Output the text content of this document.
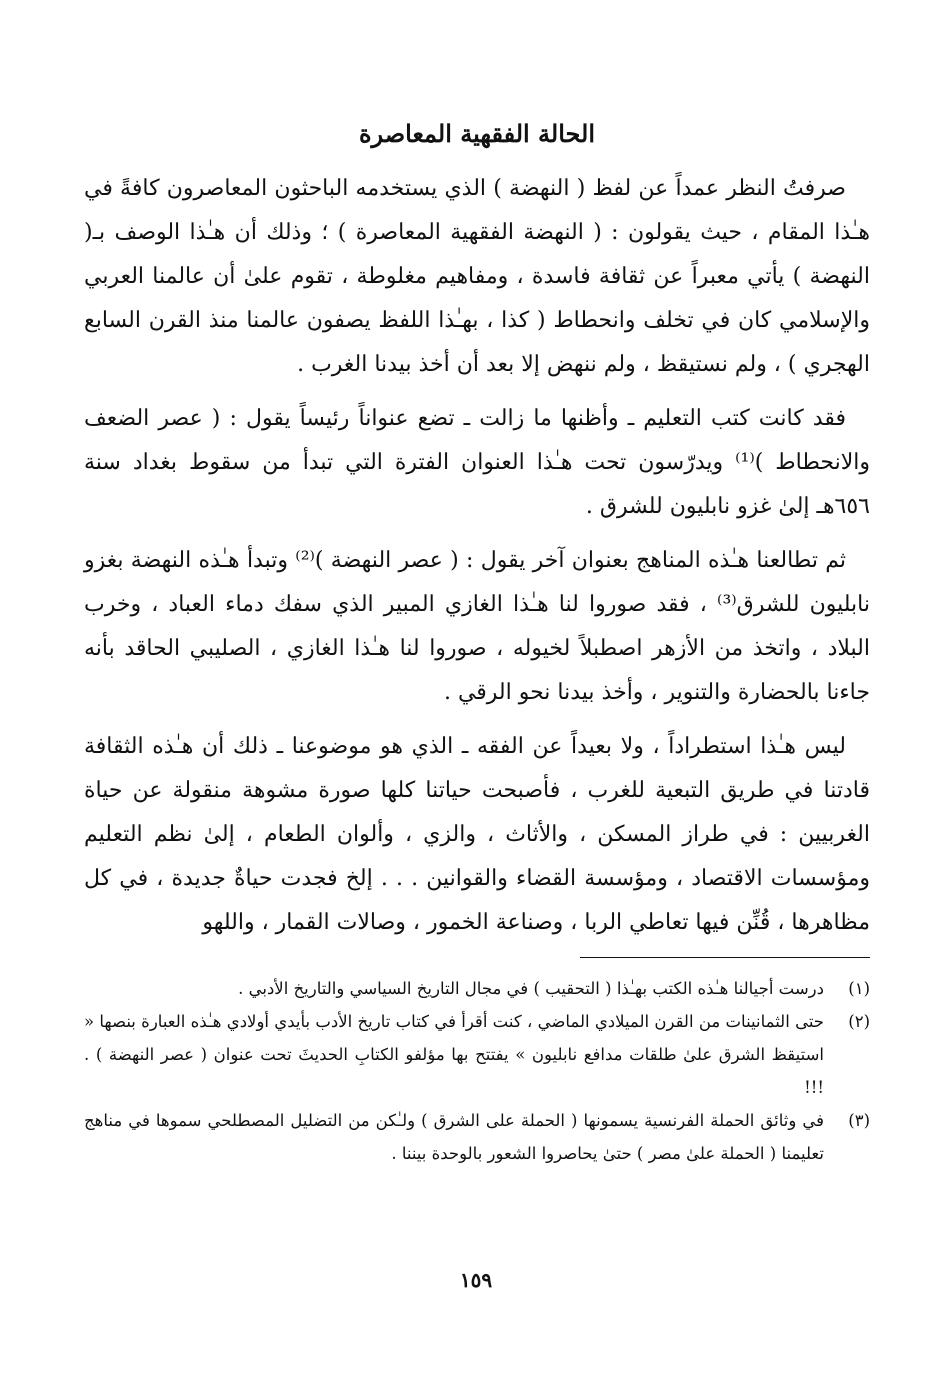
الحالة الفقهية المعاصرة

صرفتُ النظر عمداً عن لفظ ( النهضة ) الذي يستخدمه الباحثون المعاصرون كافةً في هـٰذا المقام ، حيث يقولون : ( النهضة الفقهية المعاصرة ) ؛ وذلك أن هـٰذا الوصف بـ( النهضة ) يأتي معبراً عن ثقافة فاسدة ، ومفاهيم مغلوطة ، تقوم علىٰ أن عالمنا العربي والإسلامي كان في تخلف وانحطاط ( كذا ، بهـٰذا اللفظ يصفون عالمنا منذ القرن السابع الهجري ) ، ولم نستيقظ ، ولم ننهض إلا بعد أن أخذ بيدنا الغرب .

فقد كانت كتب التعليم ـ وأظنها ما زالت ـ تضع عنواناً رئيساً يقول : ( عصر الضعف والانحطاط )⁽¹⁾ ويدرّسون تحت هـٰذا العنوان الفترة التي تبدأ من سقوط بغداد سنة ٦٥٦هـ إلىٰ غزو نابليون للشرق .

ثم تطالعنا هـٰذه المناهج بعنوان آخر يقول : ( عصر النهضة )⁽²⁾ وتبدأ هـٰذه النهضة بغزو نابليون للشرق⁽³⁾ ، فقد صوروا لنا هـٰذا الغازي المبير الذي سفك دماء العباد ، وخرب البلاد ، واتخذ من الأزهر اصطبلاً لخيوله ، صوروا لنا هـٰذا الغازي ، الصليبي الحاقد بأنه جاءنا بالحضارة والتنوير ، وأخذ بيدنا نحو الرقي .

ليس هـٰذا استطراداً ، ولا بعيداً عن الفقه ـ الذي هو موضوعنا ـ ذلك أن هـٰذه الثقافة قادتنا في طريق التبعية للغرب ، فأصبحت حياتنا كلها صورة مشوهة منقولة عن حياة الغربيين : في طراز المسكن ، والأثاث ، والزي ، وألوان الطعام ، إلىٰ نظم التعليم ومؤسسات الاقتصاد ، ومؤسسة القضاء والقوانين . . . إلخ فجدت حياةٌ جديدة ، في كل مظاهرها ، قُنِّن فيها تعاطي الربا ، وصناعة الخمور ، وصالات القمار ، واللهو

(١)
درست أجيالنا هـٰذه الكتب بهـٰذا ( التحقيب ) في مجال التاريخ السياسي والتاريخ الأدبي .
(٢)
حتى الثمانينات من القرن الميلادي الماضي ، كنت أقرأ في كتاب تاريخ الأدب بأيدي أولادي هـٰذه العبارة بنصها « استيقظ الشرق علىٰ طلقات مدافع نابليون » يفتتح بها مؤلفو الكتابِ الحديثَ تحت عنوان ( عصر النهضة ) . !!!
(٣)
في وثائق الحملة الفرنسية يسمونها ( الحملة على الشرق ) ولـٰكن من التضليل المصطلحي سموها في مناهج تعليمنا ( الحملة علىٰ مصر ) حتىٰ يحاصروا الشعور بالوحدة بيننا .
١٥٩
